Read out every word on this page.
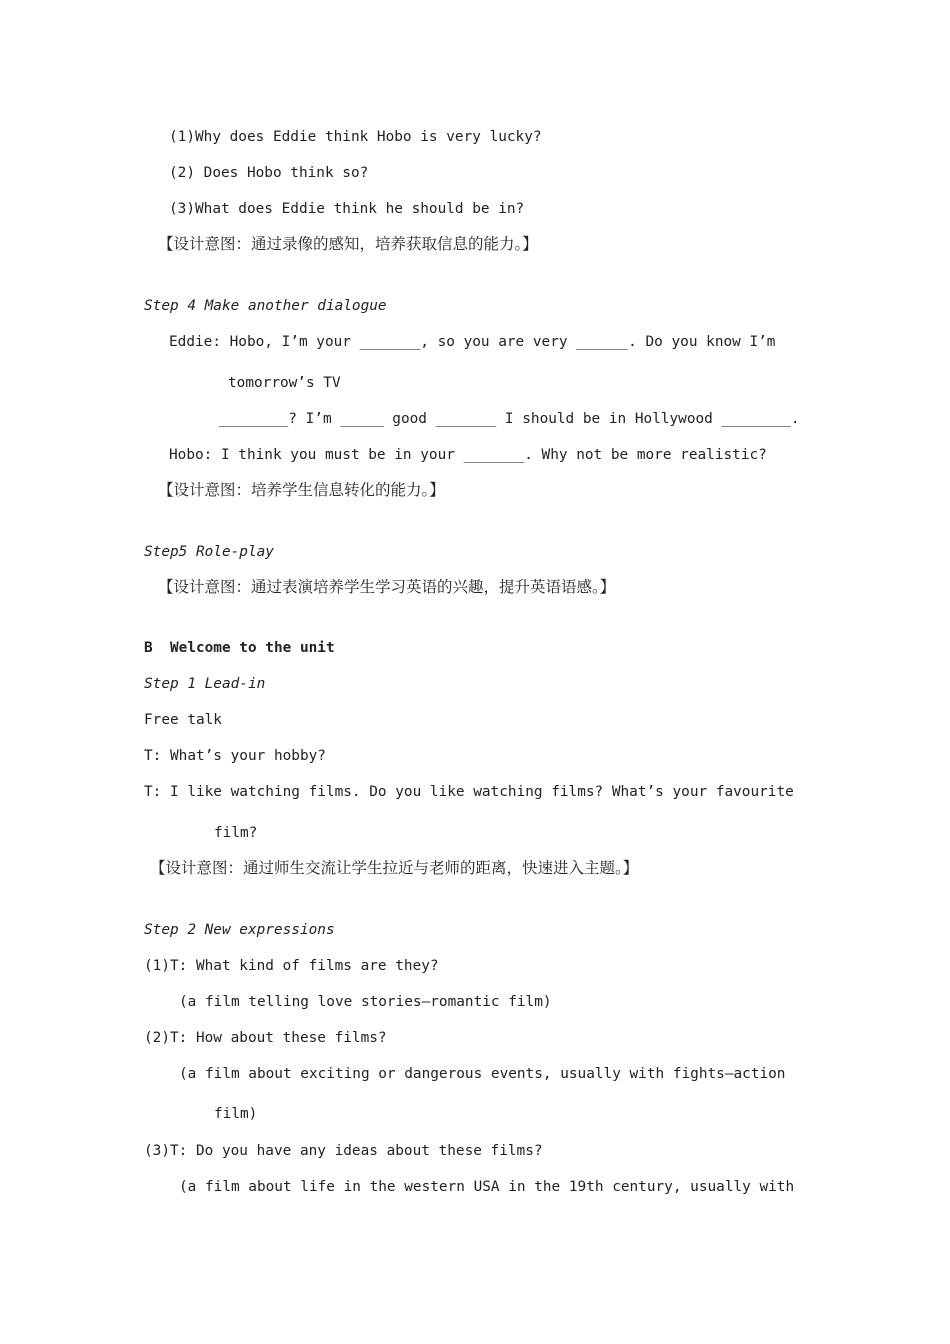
(1)Why does Eddie think Hobo is very lucky?
(2) Does Hobo think so?
(3)What does Eddie think he should be in?
【设计意图：通过录像的感知，培养获取信息的能力。】
Step 4 Make another dialogue
Eddie: Hobo, I’m your _______, so you are very ______. Do you know I’m
tomorrow’s TV
________? I’m _____ good _______ I should be in Hollywood ________.
Hobo: I think you must be in your _______. Why not be more realistic?
【设计意图：培养学生信息转化的能力。】
Step5 Role-play
【设计意图：通过表演培养学生学习英语的兴趣，提升英语语感。】
B  Welcome to the unit
Step 1 Lead-in
Free talk
T: What’s your hobby?
T: I like watching films. Do you like watching films? What’s your favourite
film?
【设计意图：通过师生交流让学生拉近与老师的距离，快速进入主题。】
Step 2 New expressions
(1)T: What kind of films are they?
(a film telling love stories—romantic film)
(2)T: How about these films?
(a film about exciting or dangerous events, usually with fights—action
film)
(3)T: Do you have any ideas about these films?
(a film about life in the western USA in the 19th century, usually with
